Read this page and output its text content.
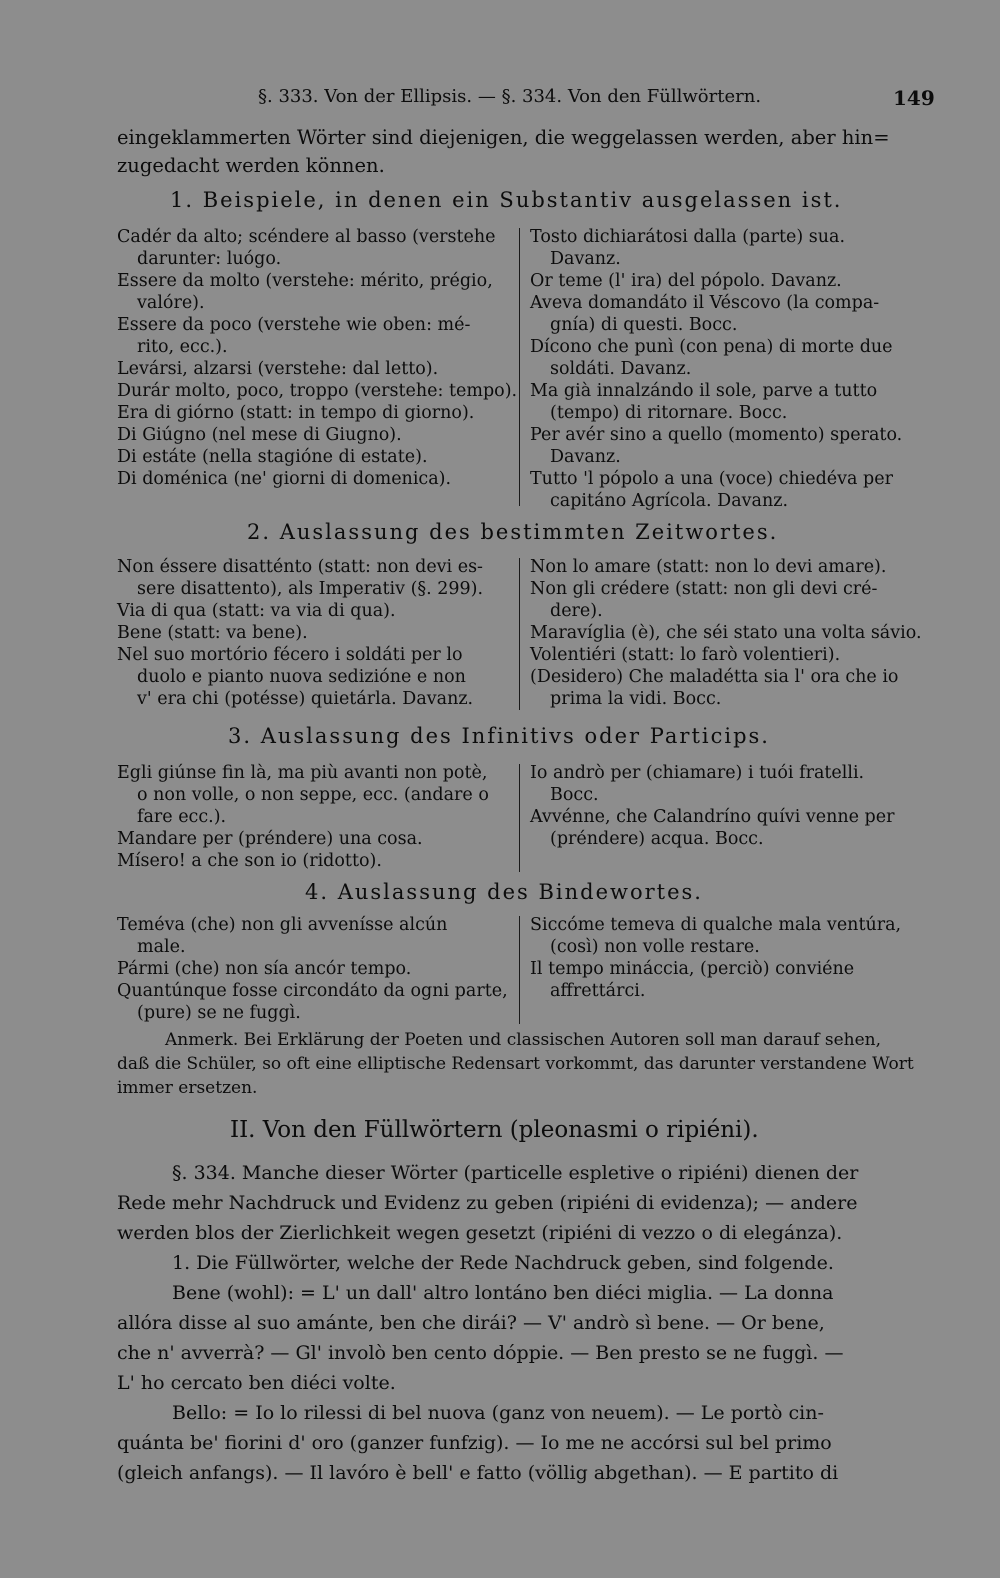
§. 333. Von der Ellipsis. — §. 334. Von den Füllwörtern.	149
eingeklammerten Wörter sind diejenigen, die weggelassen werden, aber hin=
zugedacht werden können.
1. Beispiele, in denen ein Substantiv ausgelassen ist.
Cadér da alto; scéndere al basso (verstehe
darunter: luógo.
Essere da molto (verstehe: mérito, prégio,
valóre).
Essere da poco (verstehe wie oben: mé-
rito, ecc.).
Levársi, alzarsi (verstehe: dal letto).
Durár molto, poco, troppo (verstehe: tempo).
Era di giórno (statt: in tempo di giorno).
Di Giúgno (nel mese di Giugno).
Di estáte (nella stagióne di estate).
Di doménica (ne' giorni di domenica).
Tosto dichiarátosi dalla (parte) sua.
Davanz.
Or teme (l' ira) del pópolo. Davanz.
Aveva domandáto il Véscovo (la compa-
gnía) di questi. Bocc.
Dícono che punì (con pena) di morte due
soldáti. Davanz.
Ma già innalzándo il sole, parve a tutto
(tempo) di ritornare. Bocc.
Per avér sino a quello (momento) sperato.
Davanz.
Tutto 'l pópolo a una (voce) chiedéva per
capitáno Agrícola. Davanz.
2. Auslassung des bestimmten Zeitwortes.
Non éssere disatténto (statt: non devi es-
sere disattento), als Imperativ (§. 299).
Via di qua (statt: va via di qua).
Bene (statt: va bene).
Nel suo mortório fécero i soldáti per lo
duolo e pianto nuova sedizióne e non
v' era chi (potésse) quietárla. Davanz.
Non lo amare (statt: non lo devi amare).
Non gli crédere (statt: non gli devi cré-
dere).
Maravíglia (è), che séi stato una volta sávio.
Volentiéri (statt: lo farò volentieri).
(Desidero) Che maladétta sia l' ora che io
prima la vidi. Bocc.
3. Auslassung des Infinitivs oder Particips.
Egli giúnse fin là, ma più avanti non potè,
o non volle, o non seppe, ecc. (andare o
fare ecc.).
Mandare per (préndere) una cosa.
Mísero! a che son io (ridotto).
Io andrò per (chiamare) i tuói fratelli.
Bocc.
Avvénne, che Calandríno quívi venne per
(préndere) acqua. Bocc.
4. Auslassung des Bindewortes.
Teméva (che) non gli avvenísse alcún
male.
Pármi (che) non sía ancór tempo.
Quantúnque fosse circondáto da ogni parte,
(pure) se ne fuggì.
Siccóme temeva di qualche mala ventúra,
(così) non volle restare.
Il tempo mináccia, (perciò) conviéne
affrettárci.
Anmerk. Bei Erklärung der Poeten und classischen Autoren soll man darauf sehen,
daß die Schüler, so oft eine elliptische Redensart vorkommt, das darunter verstandene Wort
immer ersetzen.
II. Von den Füllwörtern (pleonasmi o ripiéni).
§. 334. Manche dieser Wörter (particelle espletive o ripiéni) dienen der
Rede mehr Nachdruck und Evidenz zu geben (ripiéni di evidenza); — andere
werden blos der Zierlichkeit wegen gesetzt (ripiéni di vezzo o di elegánza).
1. Die Füllwörter, welche der Rede Nachdruck geben, sind folgende.
Bene (wohl): = L' un dall' altro lontáno ben diéci miglia. — La donna
allóra disse al suo amánte, ben che dirái? — V' andrò sì bene. — Or bene,
che n' avverrà? — Gl' involò ben cento dóppie. — Ben presto se ne fuggì. —
L' ho cercato ben diéci volte.
Bello: = Io lo rilessi di bel nuova (ganz von neuem). — Le portò cin-
quánta be' fiorini d' oro (ganzer funfzig). — Io me ne accórsi sul bel primo
(gleich anfangs). — Il lavóro è bell' e fatto (völlig abgethan). — E partito di
